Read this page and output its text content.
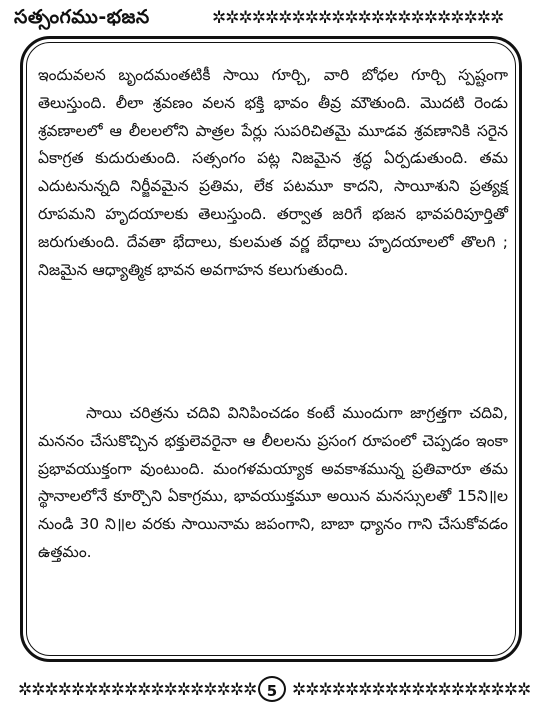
సత్సంగము-భజన	✲✲✲✲✲✲✲✲✲✲✲✲✲✲✲✲✲✲✲✲✲✲

ఇందువలన బృందమంతటికీ సాయి గూర్చి, వారి బోధల గూర్చి స్పష్టంగా తెలుస్తుంది. లీలా శ్రవణం వలన భక్తి భావం తీవ్ర మౌతుంది. మొదటి రెండు శ్రవణాలలో ఆ లీలలలోని పాత్రల పేర్లు సుపరిచితమై మూడవ శ్రవణానికి సరైన ఏకాగ్రత కుదురుతుంది. సత్సంగం పట్ల నిజమైన శ్రద్ధ ఏర్పడుతుంది. తమ ఎదుటనున్నది నిర్జీవమైన ప్రతిమ, లేక పటమూ కాదని, సాయీశుని ప్రత్యక్ష రూపమని హృదయాలకు తెలుస్తుంది. తర్వాత జరిగే భజన భావపరిపూర్తితో జరుగుతుంది. దేవతా భేదాలు, కులమత వర్ణ బేధాలు హృదయాలలో తొలగి ; నిజమైన ఆధ్యాత్మిక భావన అవగాహన కలుగుతుంది.

సాయి చరిత్రను చదివి వినిపించడం కంటే ముందుగా జాగ్రత్తగా చదివి, మననం చేసుకొచ్చిన భక్తులెవరైనా ఆ లీలలను ప్రసంగ రూపంలో చెప్పడం ఇంకా ప్రభావయుక్తంగా వుంటుంది. మంగళమయ్యాక అవకాశమున్న ప్రతివారూ తమ స్థానాలలోనే కూర్చొని ఏకాగ్రము, భావయుక్తమూ అయిన మనస్సులతో 15ని॥ల నుండి 30 ని॥ల వరకు సాయినామ జపంగాని, బాబా ధ్యానం గాని చేసుకోవడం ఉత్తమం.

✲✲✲✲✲✲✲✲✲✲✲✲✲✲✲✲✲✲ 5 ✲✲✲✲✲✲✲✲✲✲✲✲✲✲✲✲✲✲
